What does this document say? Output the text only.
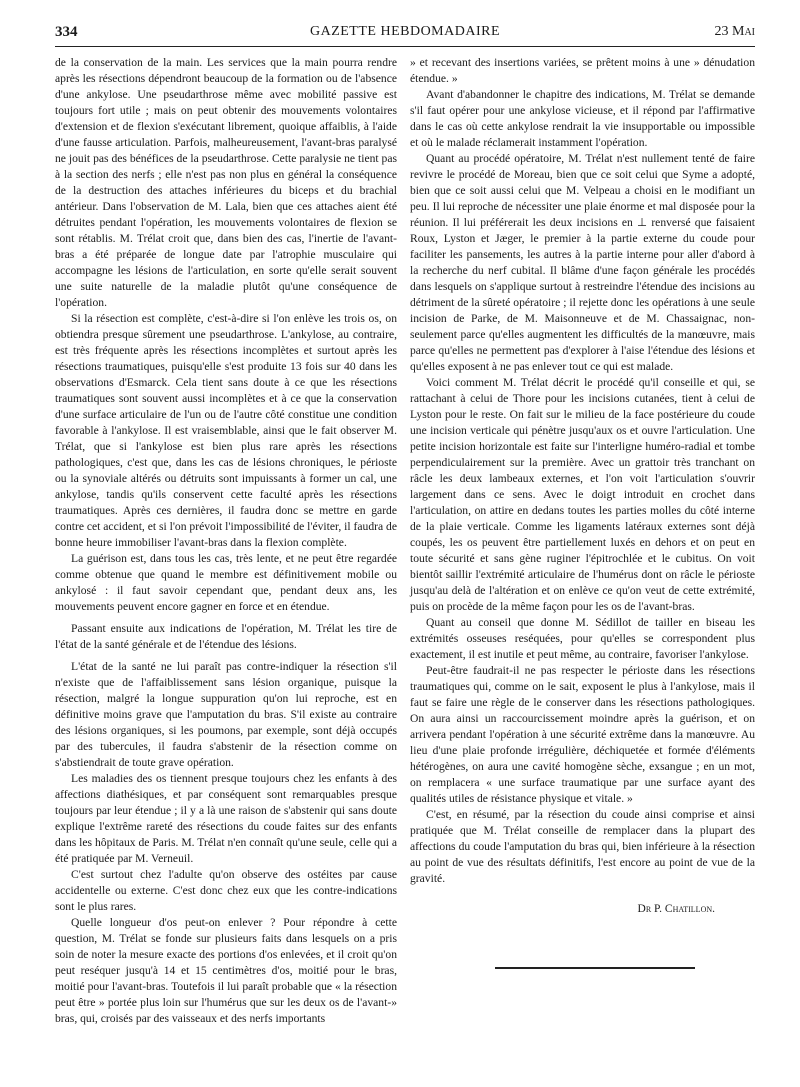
334	GAZETTE HEBDOMADAIRE	23 Mai

de la conservation de la main. Les services que la main pourra rendre après les résections dépendront beaucoup de la formation ou de l'absence d'une ankylose. Une pseudarthrose même avec mobilité passive est toujours fort utile ; mais on peut obtenir des mouvements volontaires d'extension et de flexion s'exécutant librement, quoique affaiblis, à l'aide d'une fausse articulation. Parfois, malheureusement, l'avant-bras paralysé ne jouit pas des bénéfices de la pseudarthrose. Cette paralysie ne tient pas à la section des nerfs ; elle n'est pas non plus en général la conséquence de la destruction des attaches inférieures du biceps et du brachial antérieur. Dans l'observation de M. Lala, bien que ces attaches aient été détruites pendant l'opération, les mouvements volontaires de flexion se sont rétablis. M. Trélat croit que, dans bien des cas, l'inertie de l'avant-bras a été préparée de longue date par l'atrophie musculaire qui accompagne les lésions de l'articulation, en sorte qu'elle serait souvent une suite naturelle de la maladie plutôt qu'une conséquence de l'opération.

Si la résection est complète, c'est-à-dire si l'on enlève les trois os, on obtiendra presque sûrement une pseudarthrose. L'ankylose, au contraire, est très fréquente après les résections incomplètes et surtout après les résections traumatiques, puisqu'elle s'est produite 13 fois sur 40 dans les observations d'Esmarck. Cela tient sans doute à ce que les résections traumatiques sont souvent aussi incomplètes et à ce que la conservation d'une surface articulaire de l'un ou de l'autre côté constitue une condition favorable à l'ankylose. Il est vraisemblable, ainsi que le fait observer M. Trélat, que si l'ankylose est bien plus rare après les résections pathologiques, c'est que, dans les cas de lésions chroniques, le périoste ou la synoviale altérés ou détruits sont impuissants à former un cal, une ankylose, tandis qu'ils conservent cette faculté après les résections traumatiques. Après ces dernières, il faudra donc se mettre en garde contre cet accident, et si l'on prévoit l'impossibilité de l'éviter, il faudra de bonne heure immobiliser l'avant-bras dans la flexion complète.

La guérison est, dans tous les cas, très lente, et ne peut être regardée comme obtenue que quand le membre est définitivement mobile ou ankylosé : il faut savoir cependant que, pendant deux ans, les mouvements peuvent encore gagner en force et en étendue.

Passant ensuite aux indications de l'opération, M. Trélat les tire de l'état de la santé générale et de l'étendue des lésions.

L'état de la santé ne lui paraît pas contre-indiquer la résection s'il n'existe que de l'affaiblissement sans lésion organique, puisque la résection, malgré la longue suppuration qu'on lui reproche, est en définitive moins grave que l'amputation du bras. S'il existe au contraire des lésions organiques, si les poumons, par exemple, sont déjà occupés par des tubercules, il faudra s'abstenir de la résection comme on s'abstiendrait de toute grave opération.

Les maladies des os tiennent presque toujours chez les enfants à des affections diathésiques, et par conséquent sont remarquables presque toujours par leur étendue ; il y a là une raison de s'abstenir qui sans doute explique l'extrême rareté des résections du coude faites sur des enfants dans les hôpitaux de Paris. M. Trélat n'en connaît qu'une seule, celle qui a été pratiquée par M. Verneuil.

C'est surtout chez l'adulte qu'on observe des ostéites par cause accidentelle ou externe. C'est donc chez eux que les contre-indications sont le plus rares.

Quelle longueur d'os peut-on enlever ? Pour répondre à cette question, M. Trélat se fonde sur plusieurs faits dans lesquels on a pris soin de noter la mesure exacte des portions d'os enlevées, et il croit qu'on peut reséquer jusqu'à 14 et 15 centimètres d'os, moitié pour le bras, moitié pour l'avant-bras. Toutefois il lui paraît probable que « la résection peut être » portée plus loin sur l'humérus que sur les deux os de l'avant-» bras, qui, croisés par des vaisseaux et des nerfs importants

» et recevant des insertions variées, se prêtent moins à une » dénudation étendue. »

Avant d'abandonner le chapitre des indications, M. Trélat se demande s'il faut opérer pour une ankylose vicieuse, et il répond par l'affirmative dans le cas où cette ankylose rendrait la vie insupportable ou impossible et où le malade réclamerait instamment l'opération.

Quant au procédé opératoire, M. Trélat n'est nullement tenté de faire revivre le procédé de Moreau, bien que ce soit celui que Syme a adopté, bien que ce soit aussi celui que M. Velpeau a choisi en le modifiant un peu. Il lui reproche de nécessiter une plaie énorme et mal disposée pour la réunion. Il lui préférerait les deux incisions en ⊥ renversé que faisaient Roux, Lyston et Jæger, le premier à la partie externe du coude pour faciliter les pansements, les autres à la partie interne pour aller d'abord à la recherche du nerf cubital. Il blâme d'une façon générale les procédés dans lesquels on s'applique surtout à restreindre l'étendue des incisions au détriment de la sûreté opératoire ; il rejette donc les opérations à une seule incision de Parke, de M. Maisonneuve et de M. Chassaignac, non-seulement parce qu'elles augmentent les difficultés de la manœuvre, mais parce qu'elles ne permettent pas d'explorer à l'aise l'étendue des lésions et qu'elles exposent à ne pas enlever tout ce qui est malade.

Voici comment M. Trélat décrit le procédé qu'il conseille et qui, se rattachant à celui de Thore pour les incisions cutanées, tient à celui de Lyston pour le reste. On fait sur le milieu de la face postérieure du coude une incision verticale qui pénètre jusqu'aux os et ouvre l'articulation. Une petite incision horizontale est faite sur l'interligne huméro-radial et tombe perpendiculairement sur la première. Avec un grattoir très tranchant on râcle les deux lambeaux externes, et l'on voit l'articulation s'ouvrir largement dans ce sens. Avec le doigt introduit en crochet dans l'articulation, on attire en dedans toutes les parties molles du côté interne de la plaie verticale. Comme les ligaments latéraux externes sont déjà coupés, les os peuvent être partiellement luxés en dehors et on peut en toute sécurité et sans gène ruginer l'épitrochlée et le cubitus. On voit bientôt saillir l'extrémité articulaire de l'humérus dont on râcle le périoste jusqu'au delà de l'altération et on enlève ce qu'on veut de cette extrémité, puis on procède de la même façon pour les os de l'avant-bras.

Quant au conseil que donne M. Sédillot de tailler en biseau les extrémités osseuses reséquées, pour qu'elles se correspondent plus exactement, il est inutile et peut même, au contraire, favoriser l'ankylose.

Peut-être faudrait-il ne pas respecter le périoste dans les résections traumatiques qui, comme on le sait, exposent le plus à l'ankylose, mais il faut se faire une règle de le conserver dans les résections pathologiques. On aura ainsi un raccourcissement moindre après la guérison, et on arrivera pendant l'opération à une sécurité extrême dans la manœuvre. Au lieu d'une plaie profonde irrégulière, déchiquetée et formée d'éléments hétérogènes, on aura une cavité homogène sèche, exsangue ; en un mot, on remplacera « une surface traumatique par une surface ayant des qualités utiles de résistance physique et vitale. »

C'est, en résumé, par la résection du coude ainsi comprise et ainsi pratiquée que M. Trélat conseille de remplacer dans la plupart des affections du coude l'amputation du bras qui, bien inférieure à la résection au point de vue des résultats définitifs, l'est encore au point de vue de la gravité.

Dr P. Chatillon.
